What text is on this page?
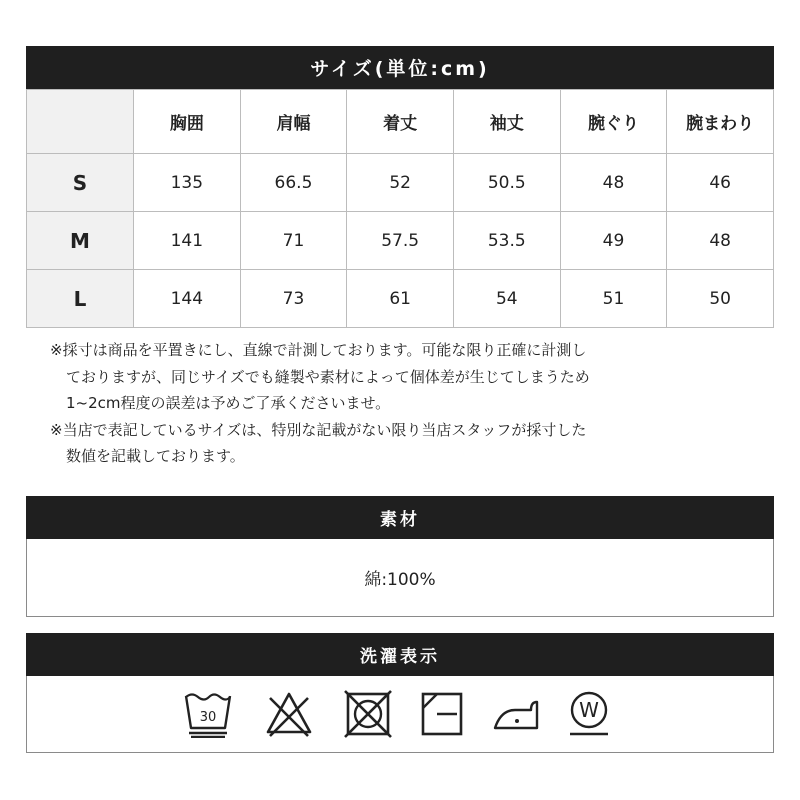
サイズ(単位:cm)
	胸囲	肩幅	着丈	袖丈	腕ぐり	腕まわり
S	135	66.5	52	50.5	48	46
M	141	71	57.5	53.5	49	48
L	144	73	61	54	51	50
※採寸は商品を平置きにし、直線で計測しております。可能な限り正確に計測し
ておりますが、同じサイズでも縫製や素材によって個体差が生じてしまうため
1~2cm程度の誤差は予めご了承くださいませ。
※当店で表記しているサイズは、特別な記載がない限り当店スタッフが採寸した
数値を記載しております。
素材
綿:100%
洗濯表示
30	W
